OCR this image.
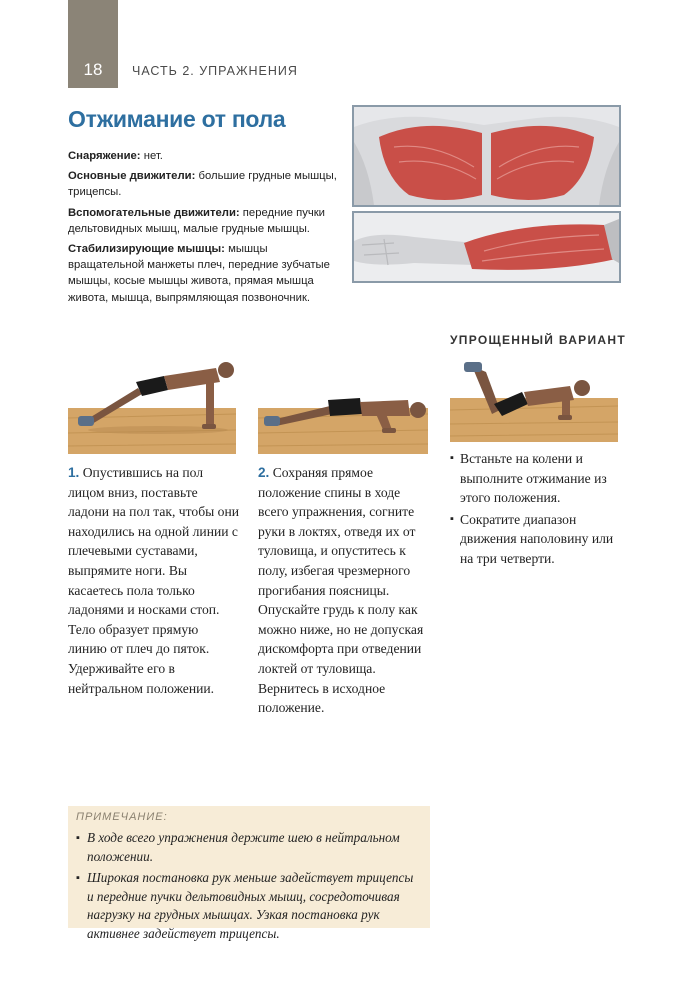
18	ЧАСТЬ 2. УПРАЖНЕНИЯ
Отжимание от пола

Снаряжение: нет.

Основные движители: большие грудные мышцы, трицепсы.

Вспомогательные движители: передние пучки дельтовидных мышц, малые грудные мышцы.

Стабилизирующие мышцы: мышцы вращательной манжеты плеч, передние зубчатые мышцы, косые мышцы живота, прямая мышца живота, мышца, выпрямляющая позвоночник.

УПРОЩЕННЫЙ ВАРИАНТ
1. Опустившись на пол лицом вниз, поставьте ладони на пол так, чтобы они находились на одной линии с плечевыми суставами, выпрямите ноги. Вы касаетесь пола только ладонями и носками стоп. Тело образует прямую линию от плеч до пяток. Удерживайте его в нейтральном положении.
2. Сохраняя прямое положение спины в ходе всего упражнения, согните руки в локтях, отведя их от туловища, и опуститесь к полу, избегая чрезмерного прогибания поясницы. Опускайте грудь к полу как можно ниже, но не допуская дискомфорта при отведении локтей от туловища. Вернитесь в исходное положение.
▪ Встаньте на колени и выполните отжимание из этого положения.
▪ Сократите диапазон движения наполовину или на три четверти.
ПРИМЕЧАНИЕ:
▪ В ходе всего упражнения держите шею в нейтральном положении.
▪ Широкая постановка рук меньше задействует трицепсы и передние пучки дельтовидных мышц, сосредоточивая нагрузку на грудных мышцах. Узкая постановка рук активнее задействует трицепсы.
